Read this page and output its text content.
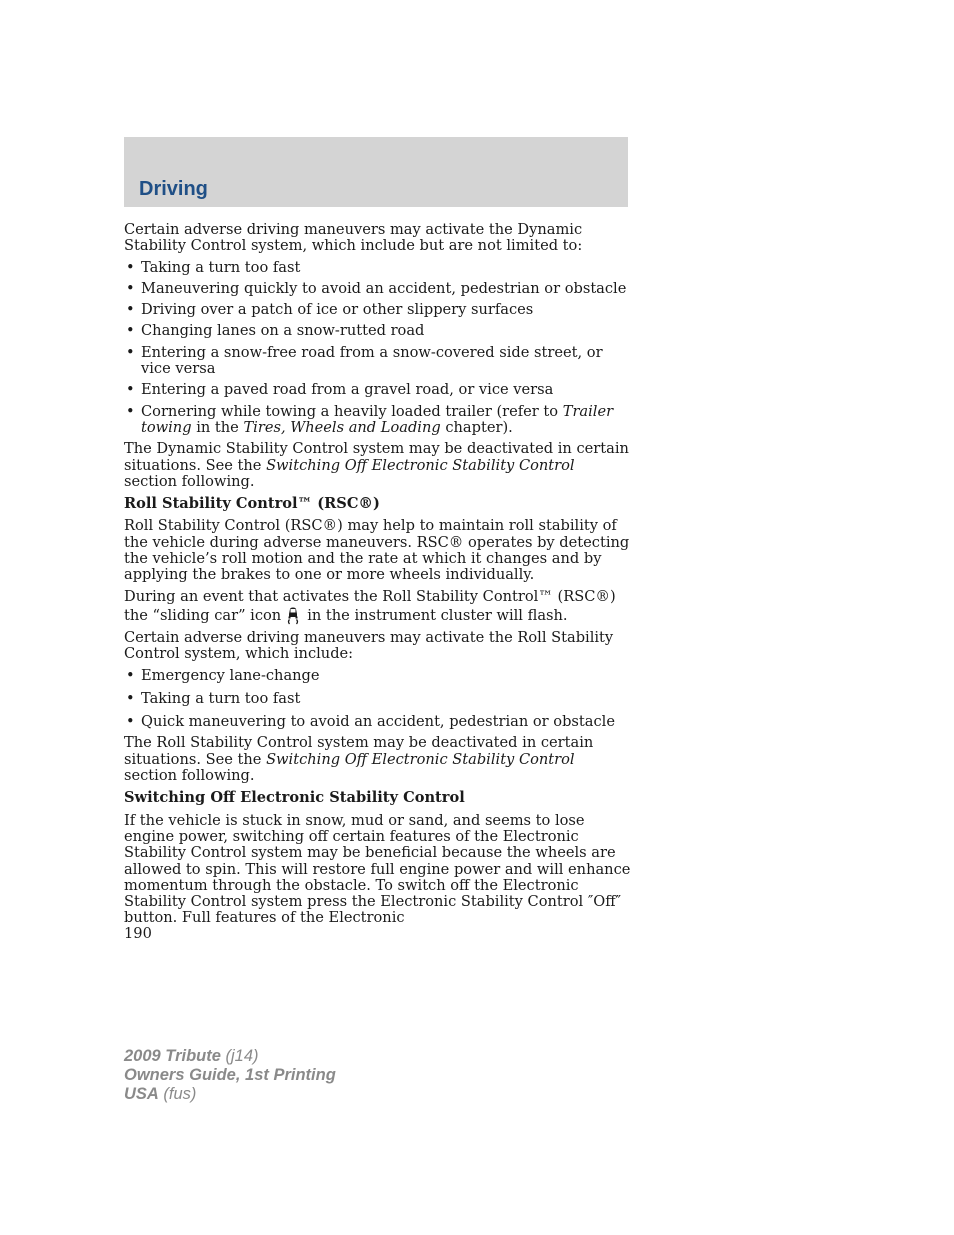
Driving

Certain adverse driving maneuvers may activate the Dynamic Stability Control system, which include but are not limited to:

• Taking a turn too fast
• Maneuvering quickly to avoid an accident, pedestrian or obstacle
• Driving over a patch of ice or other slippery surfaces
• Changing lanes on a snow-rutted road
• Entering a snow-free road from a snow-covered side street, or vice versa
• Entering a paved road from a gravel road, or vice versa
• Cornering while towing a heavily loaded trailer (refer to Trailer towing in the Tires, Wheels and Loading chapter).

The Dynamic Stability Control system may be deactivated in certain situations. See the Switching Off Electronic Stability Control section following.

Roll Stability Control™ (RSC®)

Roll Stability Control (RSC®) may help to maintain roll stability of the vehicle during adverse maneuvers. RSC® operates by detecting the vehicle’s roll motion and the rate at which it changes and by applying the brakes to one or more wheels individually.

During an event that activates the Roll Stability Control™ (RSC®) the “sliding car” icon in the instrument cluster will flash.

Certain adverse driving maneuvers may activate the Roll Stability Control system, which include:

• Emergency lane-change
• Taking a turn too fast
• Quick maneuvering to avoid an accident, pedestrian or obstacle

The Roll Stability Control system may be deactivated in certain situations. See the Switching Off Electronic Stability Control section following.

Switching Off Electronic Stability Control

If the vehicle is stuck in snow, mud or sand, and seems to lose engine power, switching off certain features of the Electronic Stability Control system may be beneficial because the wheels are allowed to spin. This will restore full engine power and will enhance momentum through the obstacle. To switch off the Electronic Stability Control system press the Electronic Stability Control ″Off″ button. Full features of the Electronic

190
2009 Tribute (j14)
Owners Guide, 1st Printing
USA (fus)
